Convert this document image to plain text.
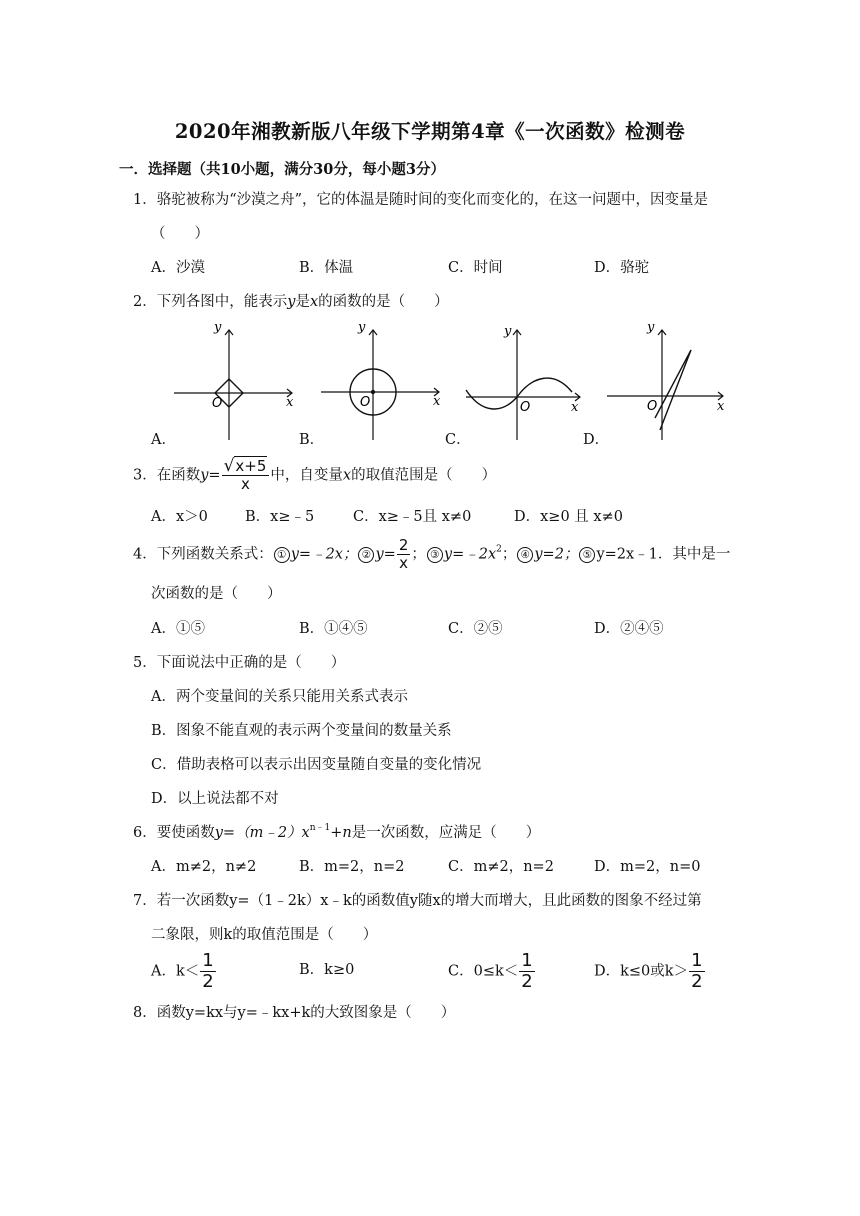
2020年湘教新版八年级下学期第4章《一次函数》检测卷
一．选择题（共10小题，满分30分，每小题3分）
1．骆驼被称为“沙漠之舟”，它的体温是随时间的变化而变化的，在这一问题中，因变量是
（　　）
A．沙漠	B．体温	C．时间	D．骆驼
2．下列各图中，能表示y是x的函数的是（　　）
x
y
O
A．
x
y
O
B．
x
y
O
C．
x
y
O
D．
3．在函数$y= \frac{√x+5}{x}$ 中，自变量x的取值范围是（　　）
A．x＞0	B．x≥﹣5	C．x≥﹣5且 x≠0	D．x≥0 且 x≠0
4．下列函数关系式： ① y=﹣2x； ② $y= \frac{2}{x}$ ； ③ $y=﹣2x^2$； ④ y=2； ⑤ y=2x﹣1．其中是一
次函数的是（　　）
A．①⑤	B．①④⑤	C．②⑤	D．②④⑤
5．下面说法中正确的是（　　）
A．两个变量间的关系只能用关系式表示
B．图象不能直观的表示两个变量间的数量关系
C．借助表格可以表示出因变量随自变量的变化情况
D．以上说法都不对
6．要使函数$y=(m﹣2)x^{n﹣1}+n$是一次函数，应满足（　　）
A．m≠2，n≠2	B．m=2，n=2	C．m≠2，n=2	D．m=2，n=0
7．若一次函数y=（1﹣2k）x﹣k的函数值y随x的增大而增大，且此函数的图象不经过第
二象限，则k的取值范围是（　　）
A．$k< \frac{1}{2}$	B．k≥0	C．$0\le k< \frac{1}{2}$	D．k≤0或$k> \frac{1}{2}$
8．函数y=kx与y=﹣kx+k的大致图象是（　　）
